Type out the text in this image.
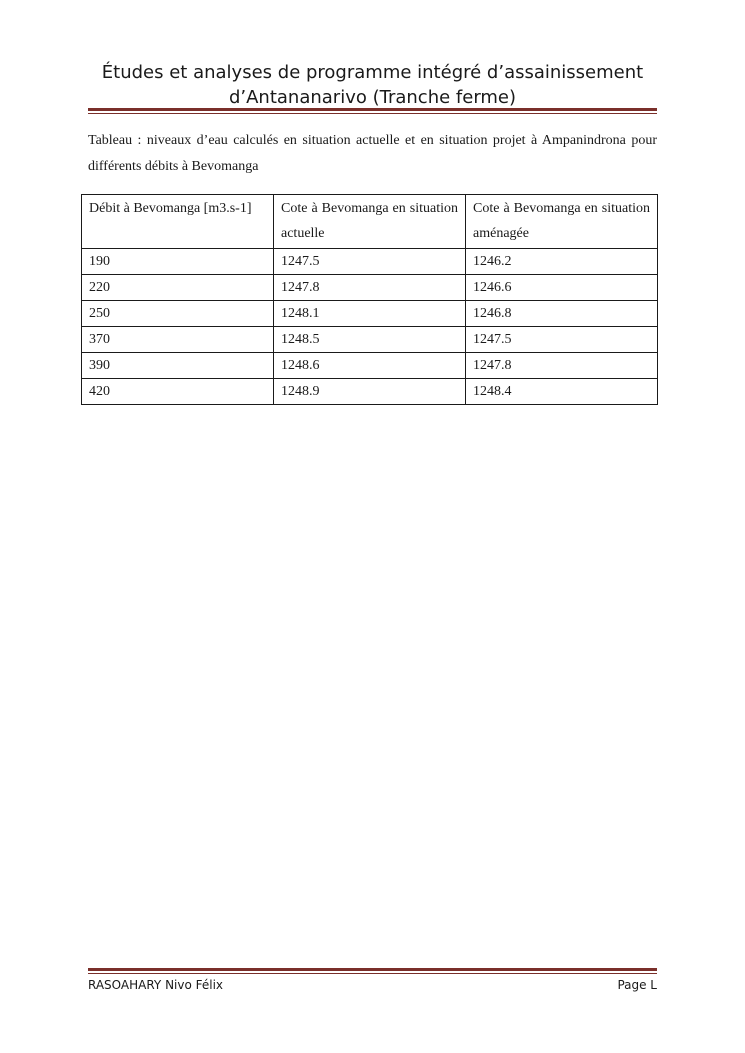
Études et analyses de programme intégré d’assainissement
d’Antananarivo (Tranche ferme)
Tableau : niveaux d’eau calculés en situation actuelle et en situation projet à Ampanindrona pour différents débits à Bevomanga
Débit à Bevomanga [m3.s-1]	Cote à Bevomanga en situation actuelle	Cote à Bevomanga en situation aménagée
190	1247.5	1246.2
220	1247.8	1246.6
250	1248.1	1246.8
370	1248.5	1247.5
390	1248.6	1247.8
420	1248.9	1248.4
RASOAHARY Nivo Félix	Page L
